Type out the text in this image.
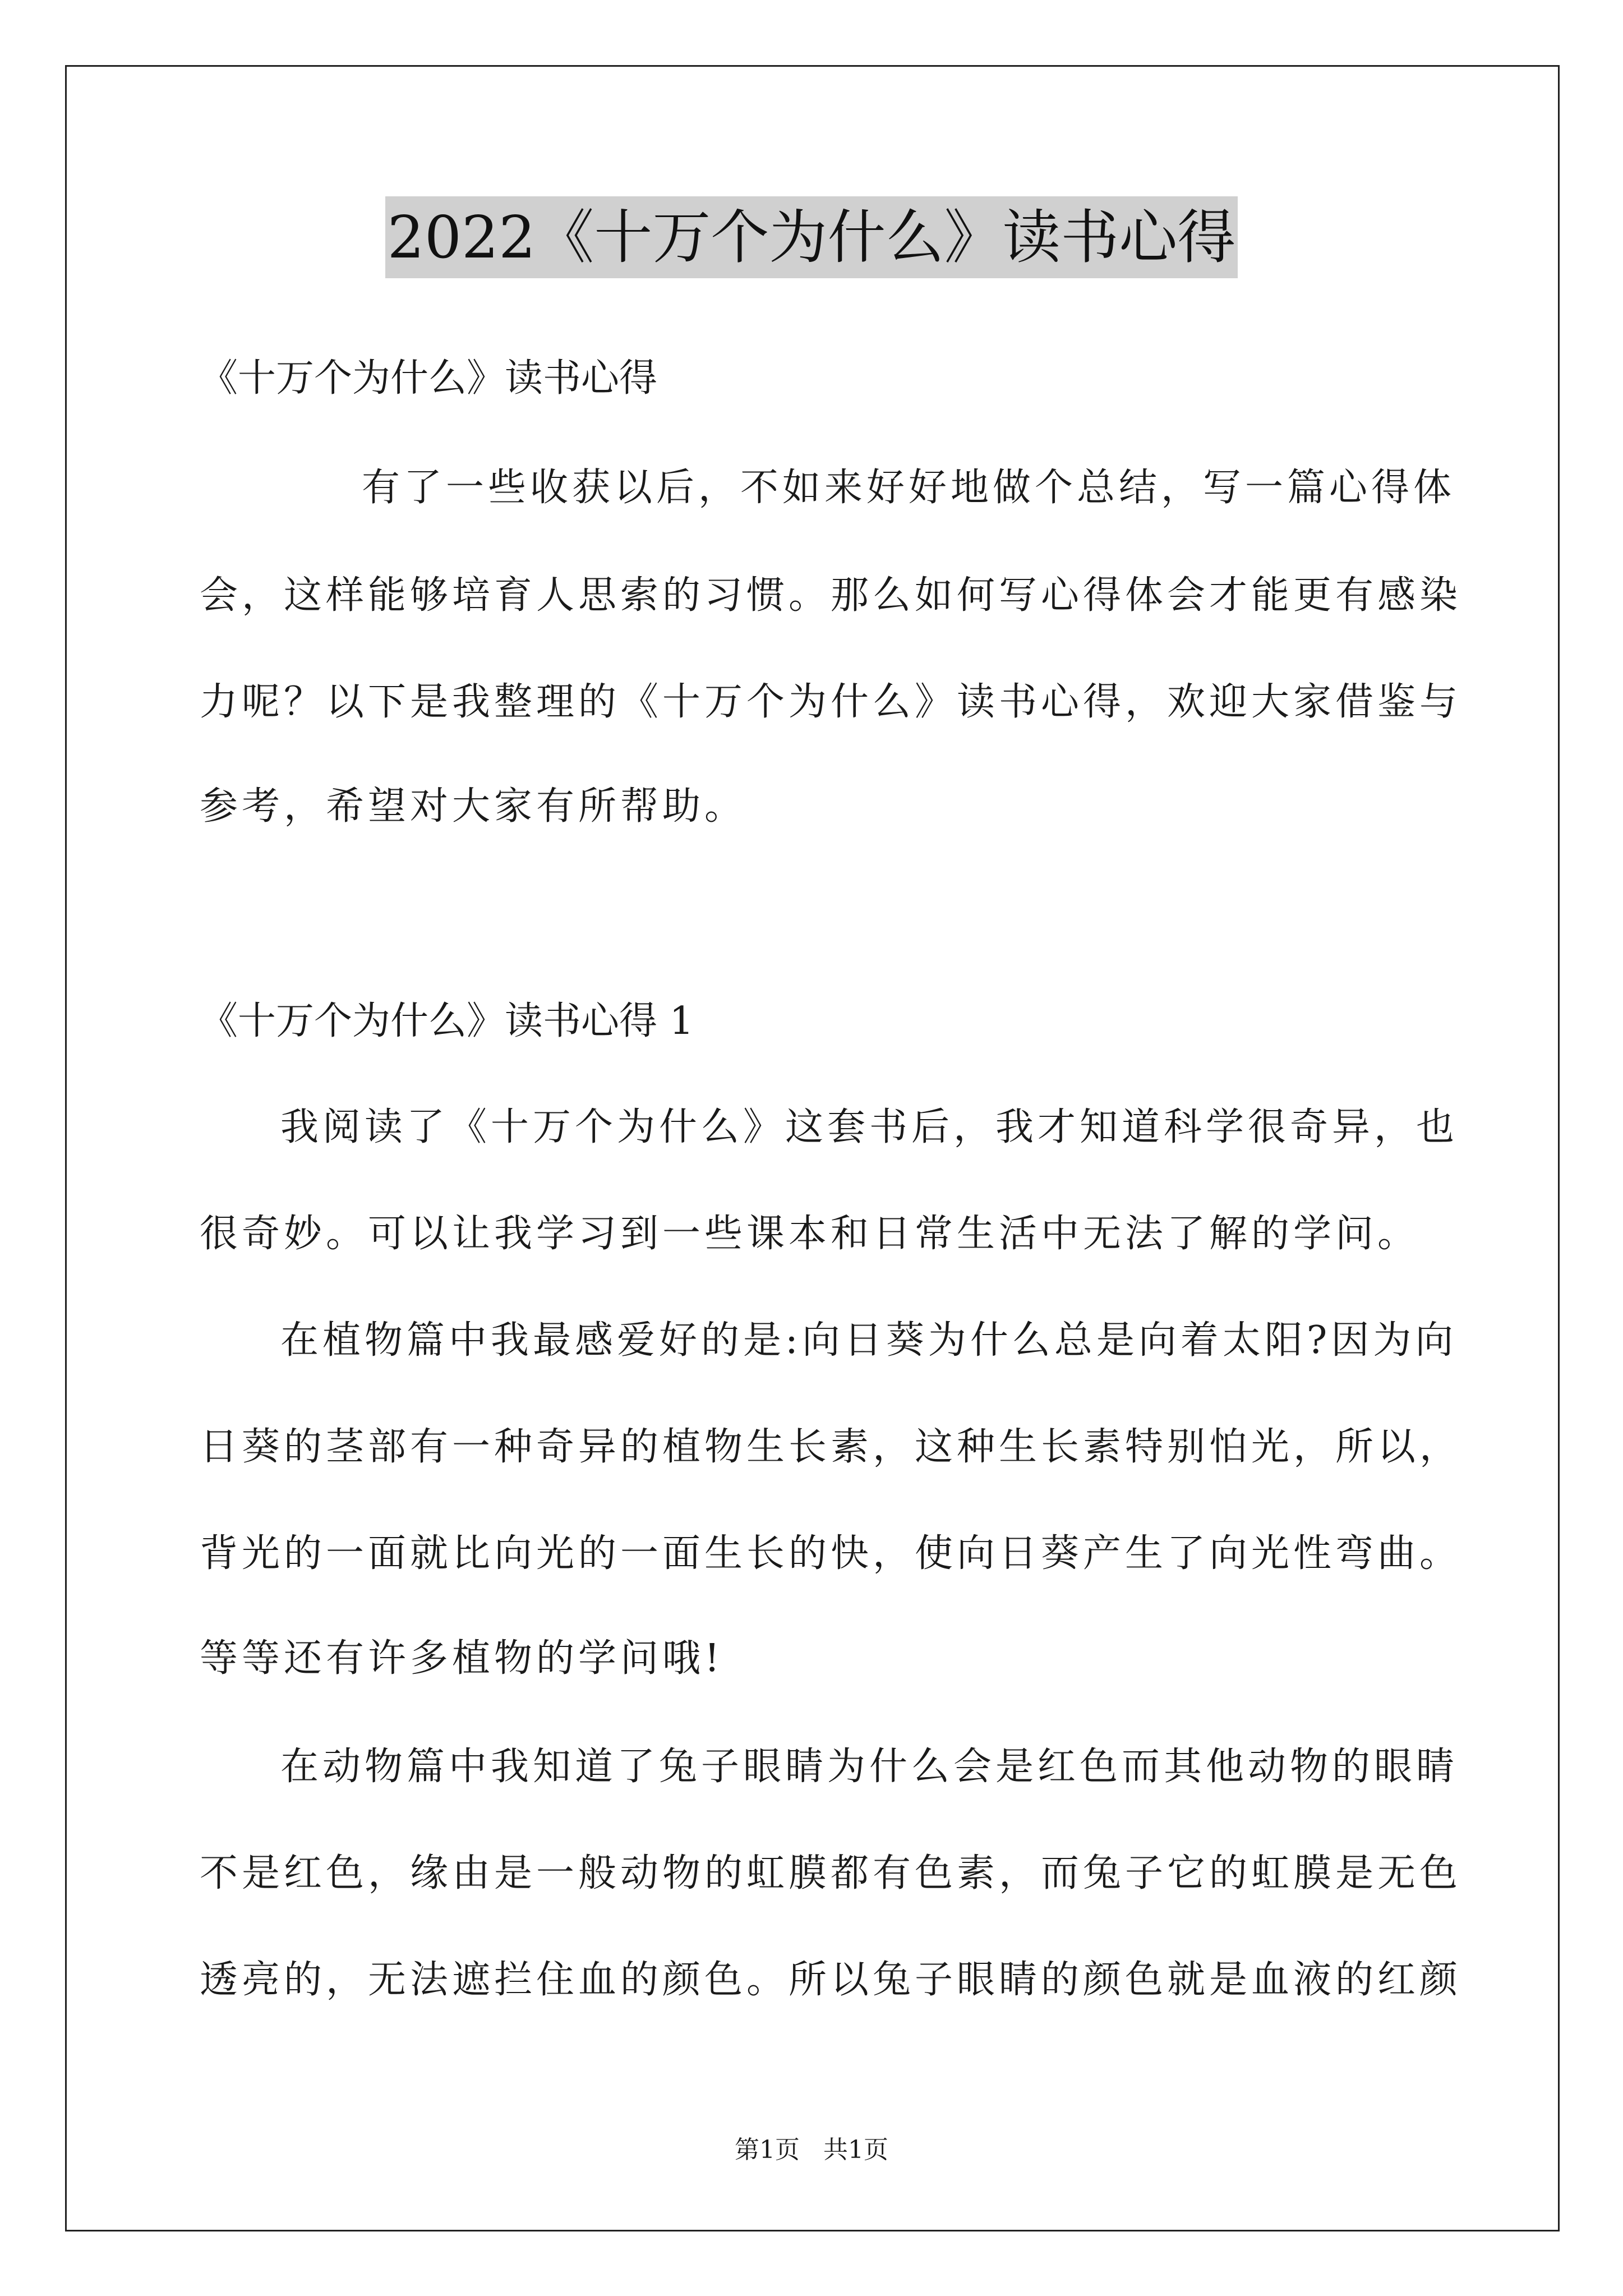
2022《十万个为什么》读书心得
《十万个为什么》读书心得
有了一些收获以后，不如来好好地做个总结，写一篇心得体
会，这样能够培育人思索的习惯。那么如何写心得体会才能更有感染
力呢？以下是我整理的《十万个为什么》读书心得，欢迎大家借鉴与
参考，希望对大家有所帮助。
《十万个为什么》读书心得 1
我阅读了《十万个为什么》这套书后，我才知道科学很奇异，也
很奇妙。可以让我学习到一些课本和日常生活中无法了解的学问。
在植物篇中我最感爱好的是:向日葵为什么总是向着太阳?因为向
日葵的茎部有一种奇异的植物生长素，这种生长素特别怕光，所以，
背光的一面就比向光的一面生长的快，使向日葵产生了向光性弯曲。
等等还有许多植物的学问哦!
在动物篇中我知道了兔子眼睛为什么会是红色而其他动物的眼睛
不是红色，缘由是一般动物的虹膜都有色素，而兔子它的虹膜是无色
透亮的，无法遮拦住血的颜色。所以兔子眼睛的颜色就是血液的红颜
第1页 共1页
